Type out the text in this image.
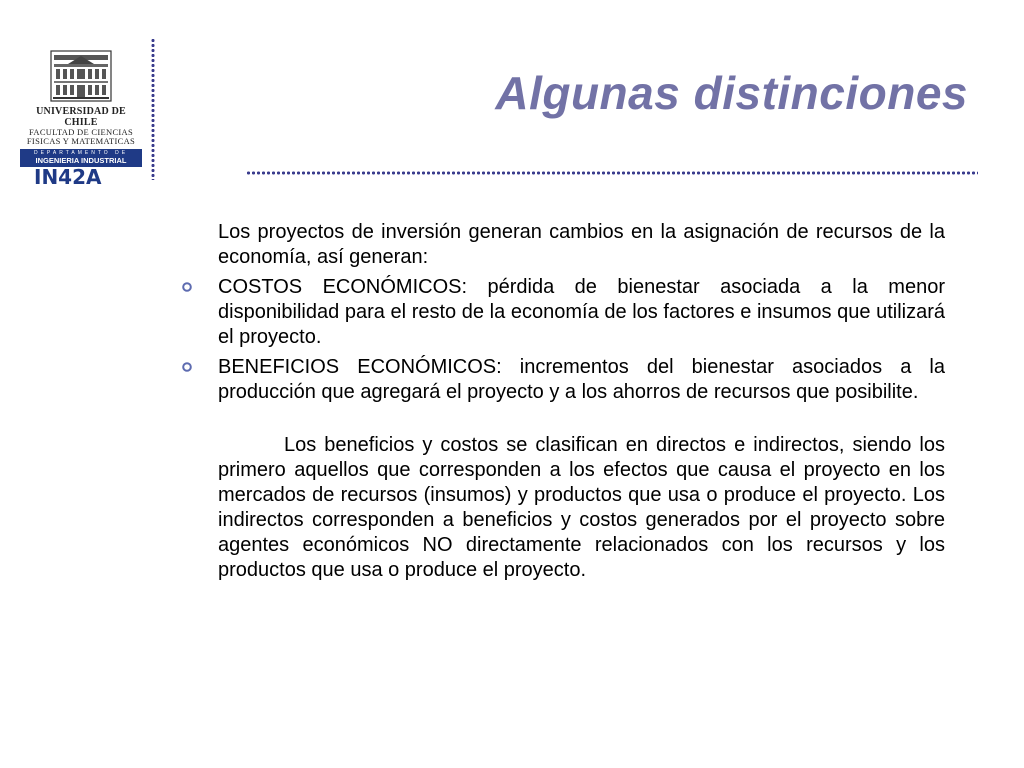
UNIVERSIDAD DE CHILE
FACULTAD DE CIENCIAS
FISICAS Y MATEMATICAS
DEPARTAMENTO DE
INGENIERIA INDUSTRIAL
IN42A
Algunas distinciones

Los proyectos de inversión generan cambios en la asignación de recursos de la economía, así generan:

COSTOS ECONÓMICOS: pérdida de bienestar asociada a la menor disponibilidad para el resto de la economía de los factores e insumos que utilizará el proyecto.

BENEFICIOS ECONÓMICOS: incrementos del bienestar asociados a la producción que agregará el proyecto y a los ahorros de recursos que posibilite.

Los beneficios y costos se clasifican en directos e indirectos, siendo los primero aquellos que corresponden a los efectos que causa el proyecto en los mercados de recursos (insumos) y productos que usa o produce el proyecto. Los indirectos corresponden a beneficios y costos generados por el proyecto sobre agentes económicos NO directamente relacionados con los recursos y los productos que usa o produce el proyecto.
